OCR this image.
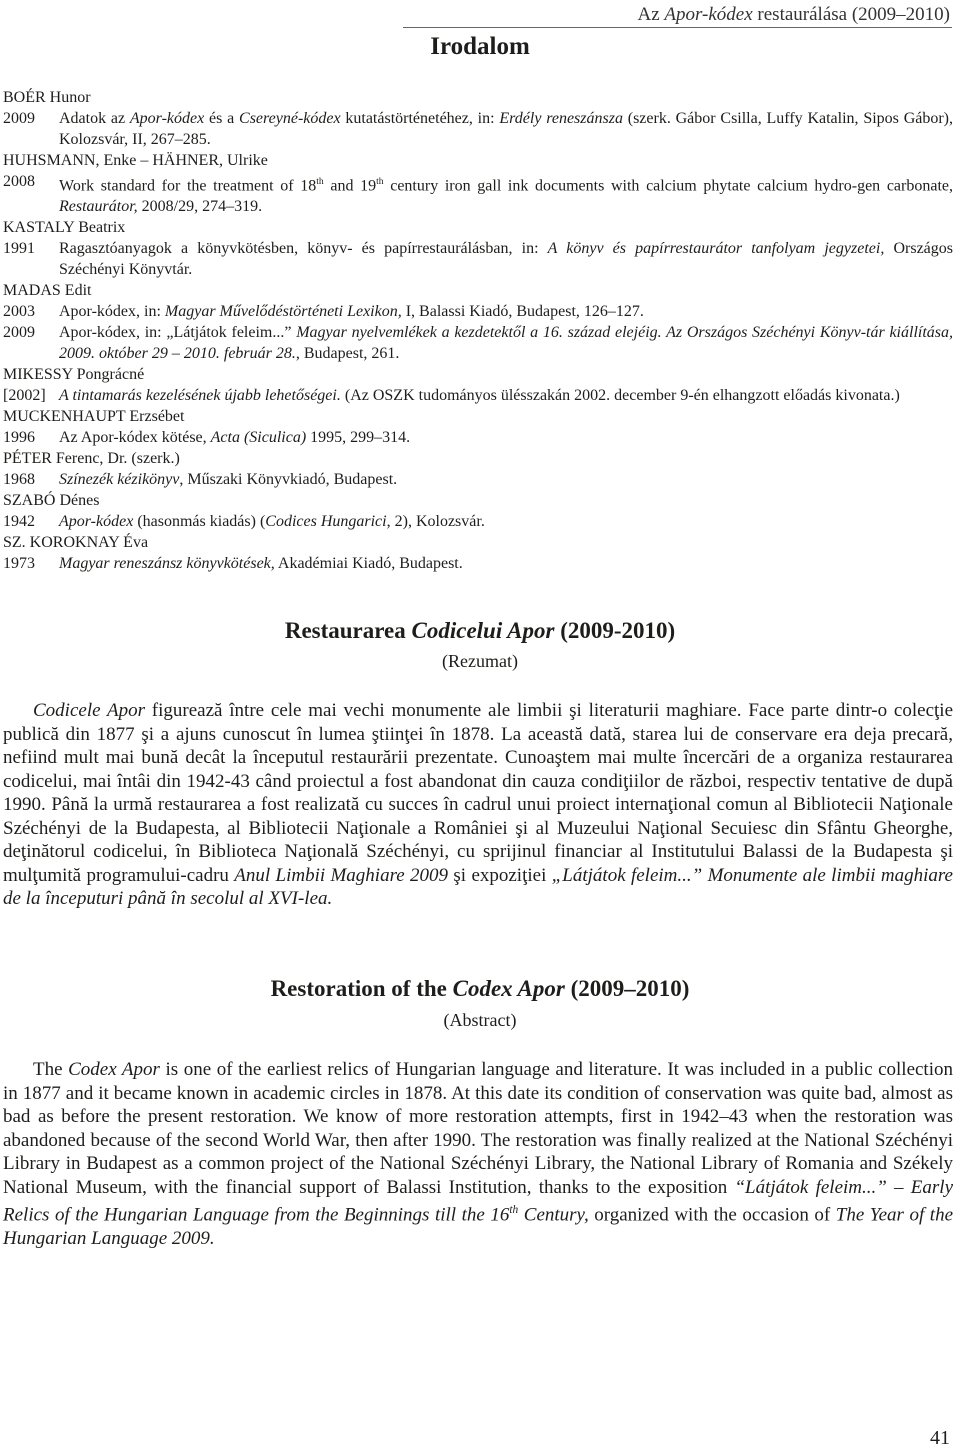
Az Apor-kódex restaurálása (2009–2010)
Irodalom
BOÉR Hunor
2009	Adatok az Apor-kódex és a Csereyné-kódex kutatástörténetéhez, in: Erdély reneszánsza (szerk. Gábor Csilla, Luffy Katalin, Sipos Gábor), Kolozsvár, II, 267–285.
HUHSMANN, Enke – HÄHNER, Ulrike
2008	Work standard for the treatment of 18th and 19th century iron gall ink documents with calcium phytate calcium hydro-gen carbonate, Restaurátor, 2008/29, 274–319.
KASTALY Beatrix
1991	Ragasztóanyagok a könyvkötésben, könyv- és papírrestaurálásban, in: A könyv és papírrestaurátor tanfolyam jegyzetei, Országos Széchényi Könyvtár.
MADAS Edit
2003	Apor-kódex, in: Magyar Művelődéstörténeti Lexikon, I, Balassi Kiadó, Budapest, 126–127.
2009	Apor-kódex, in: „Látjátok feleim...” Magyar nyelvemlékek a kezdetektől a 16. század elejéig. Az Országos Széchényi Könyv-tár kiállítása, 2009. október 29 – 2010. február 28., Budapest, 261.
MIKESSY Pongrácné
[2002] A tintamarás kezelésének újabb lehetőségei. (Az OSZK tudományos ülésszakán 2002. december 9-én elhangzott előadás kivonata.)
MUCKENHAUPT Erzsébet
1996	Az Apor-kódex kötése, Acta (Siculica) 1995, 299–314.
PÉTER Ferenc, Dr. (szerk.)
1968	Színezék kézikönyv, Műszaki Könyvkiadó, Budapest.
SZABÓ Dénes
1942	Apor-kódex (hasonmás kiadás) (Codices Hungarici, 2), Kolozsvár.
SZ. KOROKNAY Éva
1973	Magyar reneszánsz könyvkötések, Akadémiai Kiadó, Budapest.
Restaurarea Codicelui Apor (2009-2010)
(Rezumat)

Codicele Apor figurează între cele mai vechi monumente ale limbii şi literaturii maghiare. Face parte dintr-o colecţie publică din 1877 şi a ajuns cunoscut în lumea ştiinţei în 1878. La această dată, starea lui de conservare era deja precară, nefiind mult mai bună decât la începutul restaurării prezentate. Cunoaştem mai multe încercări de a organiza restaurarea codicelui, mai întâi din 1942-43 când proiectul a fost abandonat din cauza condiţiilor de război, respectiv tentative de după 1990. Până la urmă restaurarea a fost realizată cu succes în cadrul unui proiect internaţional comun al Bibliotecii Naţionale Széchényi de la Budapesta, al Bibliotecii Naţionale a României şi al Muzeului Naţional Secuiesc din Sfântu Gheorghe, deţinătorul codicelui, în Biblioteca Naţională Széchényi, cu sprijinul financiar al Institutului Balassi de la Budapesta şi mulţumită programului-cadru Anul Limbii Maghiare 2009 şi expoziţiei „Látjátok feleim...” Monumente ale limbii maghiare de la începuturi până în secolul al XVI-lea.

Restoration of the Codex Apor (2009–2010)
(Abstract)

The Codex Apor is one of the earliest relics of Hungarian language and literature. It was included in a public collection in 1877 and it became known in academic circles in 1878. At this date its condition of conservation was quite bad, almost as bad as before the present restoration. We know of more restoration attempts, first in 1942–43 when the restoration was abandoned because of the second World War, then after 1990. The restoration was finally realized at the National Széchényi Library in Budapest as a common project of the National Széchényi Library, the National Library of Romania and Székely National Museum, with the financial support of Balassi Institution, thanks to the exposition “Látjátok feleim...” – Early Relics of the Hungarian Language from the Beginnings till the 16th Century, organized with the occasion of The Year of the Hungarian Language 2009.

41
